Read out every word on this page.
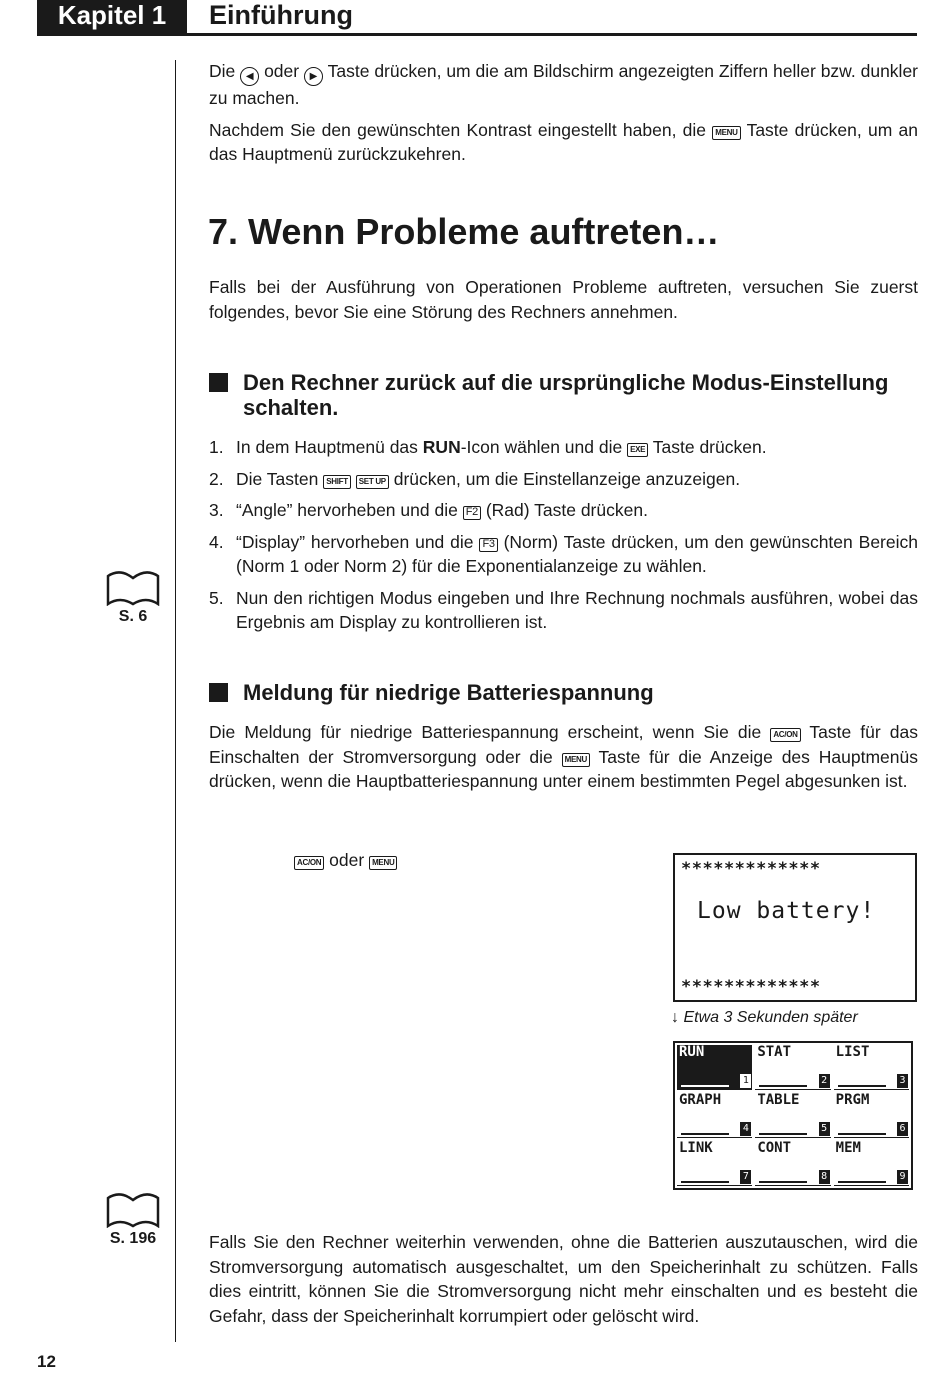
Kapitel 1	Einführung

Die ◀ oder ▶ Taste drücken, um die am Bildschirm angezeigten Ziffern heller bzw. dunkler zu machen.

Nachdem Sie den gewünschten Kontrast eingestellt haben, die MENU Taste drücken, um an das Hauptmenü zurückzukehren.

7. Wenn Probleme auftreten…
Falls bei der Ausführung von Operationen Probleme auftreten, versuchen Sie zuerst folgendes, bevor Sie eine Störung des Rechners annehmen.
Den Rechner zurück auf die ursprüngliche Modus-Einstellung schalten.
1. In dem Hauptmenü das RUN-Icon wählen und die EXE Taste drücken.
2. Die Tasten SHIFT SET UP drücken, um die Einstellanzeige anzuzeigen.
3. “Angle” hervorheben und die F2 (Rad) Taste drücken.
4. “Display” hervorheben und die F3 (Norm) Taste drücken, um den gewünschten Bereich (Norm 1 oder Norm 2) für die Exponentialanzeige zu wählen.
5. Nun den richtigen Modus eingeben und Ihre Rechnung nochmals ausführen, wobei das Ergebnis am Display zu kontrollieren ist.
S. 6
Meldung für niedrige Batteriespannung
Die Meldung für niedrige Batteriespannung erscheint, wenn Sie die AC/ON Taste für das Einschalten der Stromversorgung oder die MENU Taste für die Anzeige des Hauptmenüs drücken, wenn die Hauptbatteriespannung unter einem bestimmten Pegel abgesunken ist.
AC/ON oder MENU	*************
Low battery!
*************
↓ Etwa 3 Sekunden später
RUN
1
STAT
2
LIST
3
GRAPH
4
TABLE
5
PRGM
6
LINK
7
CONT
8
MEM
9
S. 196	Falls Sie den Rechner weiterhin verwenden, ohne die Batterien auszutauschen, wird die Stromversorgung automatisch ausgeschaltet, um den Speicherinhalt zu schützen. Falls dies eintritt, können Sie die Stromversorgung nicht mehr einschalten und es besteht die Gefahr, dass der Speicherinhalt korrumpiert oder gelöscht wird.
12
